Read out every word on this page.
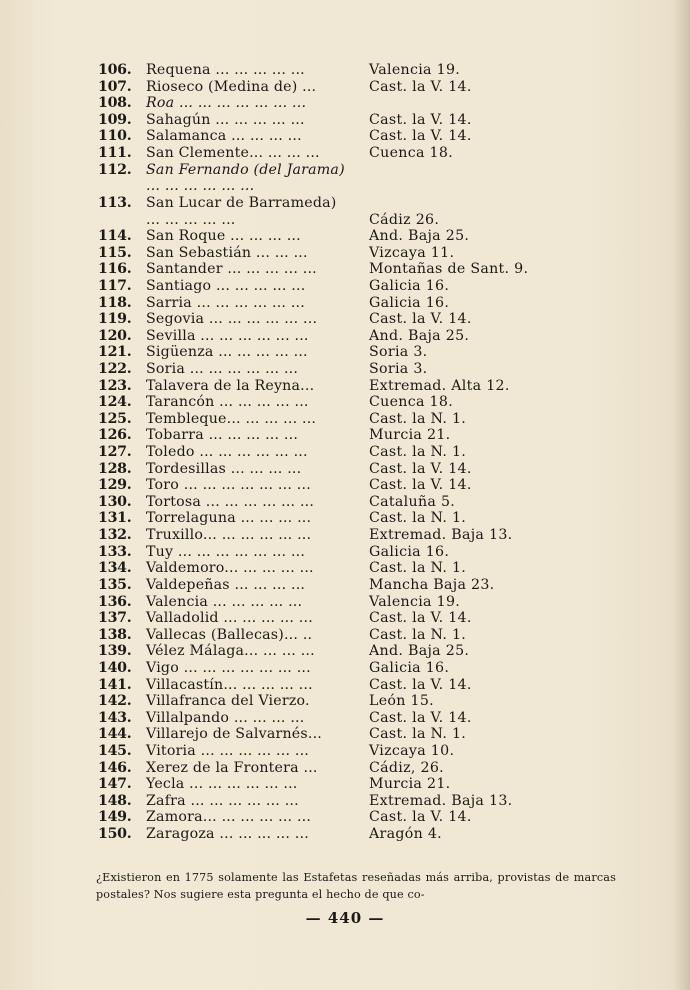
106.	Requena ... ... ... ... ...	Valencia 19.
107.	Rioseco (Medina de) ...	Cast. la V. 14.
108.	Roa ... ... ... ... ... ... ...
109.	Sahagún ... ... ... ... ...	Cast. la V. 14.
110.	Salamanca ... ... ... ...	Cast. la V. 14.
111.	San Clemente... ... ... ...	Cuenca 18.
112.	San Fernando (del Jarama) ... ... ... ... ... ...
113.	San Lucar de Barrameda) ... ... ... ... ...	Cádiz 26.
114.	San Roque ... ... ... ...	And. Baja 25.
115.	San Sebastián ... ... ...	Vizcaya 11.
116.	Santander ... ... ... ... ...	Montañas de Sant. 9.
117.	Santiago ... ... ... ... ...	Galicia 16.
118.	Sarria ... ... ... ... ... ...	Galicia 16.
119.	Segovia ... ... ... ... ... ...	Cast. la V. 14.
120.	Sevilla ... ... ... ... ... ...	And. Baja 25.
121.	Sigüenza ... ... ... ... ...	Soria 3.
122.	Soria ... ... ... ... ... ...	Soria 3.
123.	Talavera de la Reyna...	Extremad. Alta 12.
124.	Tarancón ... ... ... ... ...	Cuenca 18.
125.	Tembleque... ... ... ... ...	Cast. la N. 1.
126.	Tobarra ... ... ... ... ...	Murcia 21.
127.	Toledo ... ... ... ... ... ...	Cast. la N. 1.
128.	Tordesillas ... ... ... ...	Cast. la V. 14.
129.	Toro ... ... ... ... ... ... ...	Cast. la V. 14.
130.	Tortosa ... ... ... ... ... ...	Cataluña 5.
131.	Torrelaguna ... ... ... ...	Cast. la N. 1.
132.	Truxillo... ... ... ... ... ...	Extremad. Baja 13.
133.	Tuy ... ... ... ... ... ... ...	Galicia 16.
134.	Valdemoro... ... ... ... ...	Cast. la N. 1.
135.	Valdepeñas ... ... ... ...	Mancha Baja 23.
136.	Valencia ... ... ... ... ...	Valencia 19.
137.	Valladolid ... ... ... ... ...	Cast. la V. 14.
138.	Vallecas (Ballecas)... ..	Cast. la N. 1.
139.	Vélez Málaga... ... ... ...	And. Baja 25.
140.	Vigo ... ... ... ... ... ... ...	Galicia 16.
141.	Villacastín... ... ... ... ...	Cast. la V. 14.
142.	Villafranca del Vierzo.	León 15.
143.	Villalpando ... ... ... ...	Cast. la V. 14.
144.	Villarejo de Salvarnés...	Cast. la N. 1.
145.	Vitoria ... ... ... ... ... ...	Vizcaya 10.
146.	Xerez de la Frontera ...	Cádiz, 26.
147.	Yecla ... ... ... ... ... ...	Murcia 21.
148.	Zafra ... ... ... ... ... ...	Extremad. Baja 13.
149.	Zamora... ... ... ... ... ...	Cast. la V. 14.
150.	Zaragoza ... ... ... ... ...	Aragón 4.
¿Existieron en 1775 solamente las Estafetas reseñadas más arriba, provistas de marcas postales? Nos sugiere esta pregunta el hecho de que co-
— 440 —
